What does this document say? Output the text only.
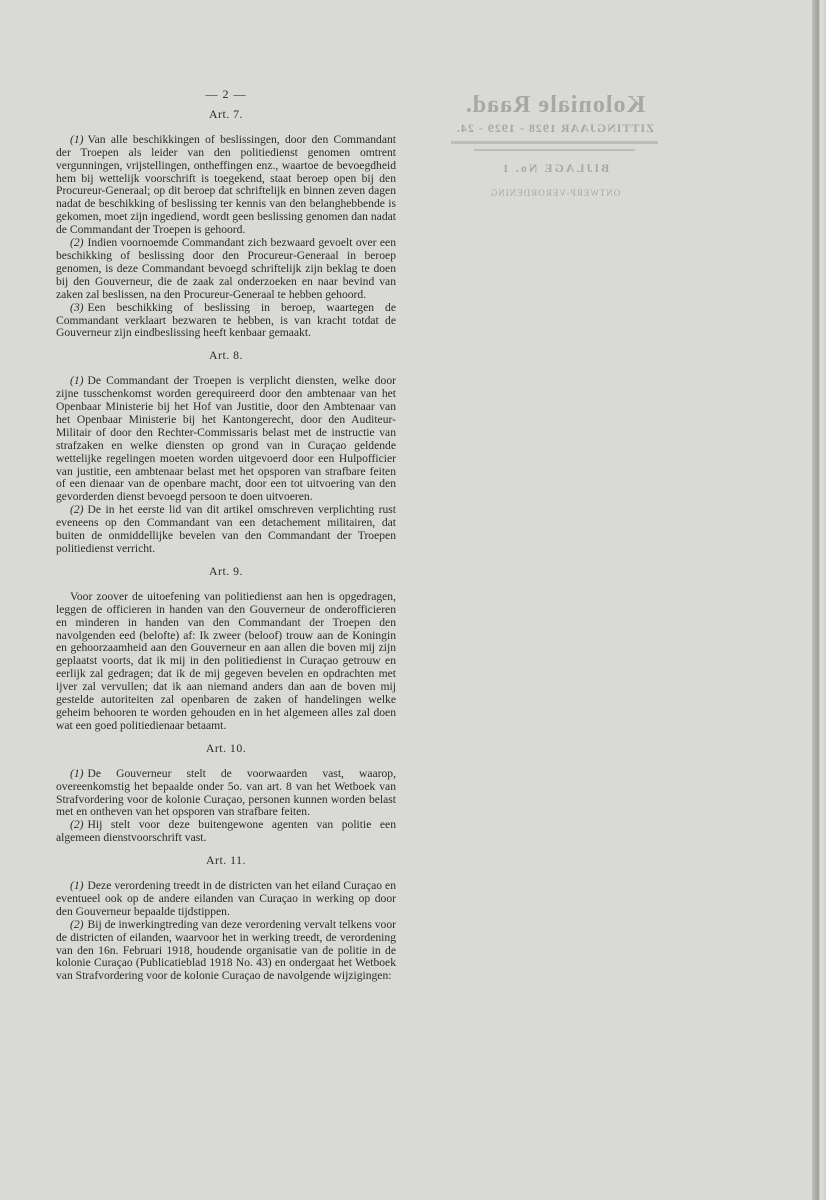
Koloniale Raad.
ZITTINGJAAR 1928 - 1929 - 24.
BIJLAGE No. 1
ONTWERP-VERORDENING
— 2 —
Art. 7.

(1) Van alle beschikkingen of beslissingen, door den Commandant der Troepen als leider van den politiedienst genomen omtrent vergunningen, vrijstellingen, ontheffingen enz., waartoe de bevoegdheid hem bij wettelijk voorschrift is toegekend, staat beroep open bij den Procureur-Generaal; op dit beroep dat schriftelijk en binnen zeven dagen nadat de beschikking of beslissing ter kennis van den belanghebbende is gekomen, moet zijn ingediend, wordt geen beslissing genomen dan nadat de Commandant der Troepen is gehoord.

(2) Indien voornoemde Commandant zich bezwaard gevoelt over een beschikking of beslissing door den Procureur-Generaal in beroep genomen, is deze Commandant bevoegd schriftelijk zijn beklag te doen bij den Gouverneur, die de zaak zal onderzoeken en naar bevind van zaken zal beslissen, na den Procureur-Generaal te hebben gehoord.

(3) Een beschikking of beslissing in beroep, waartegen de Commandant verklaart bezwaren te hebben, is van kracht totdat de Gouverneur zijn eindbeslissing heeft kenbaar gemaakt.

Art. 8.

(1) De Commandant der Troepen is verplicht diensten, welke door zijne tusschenkomst worden gerequireerd door den ambtenaar van het Openbaar Ministerie bij het Hof van Justitie, door den Ambtenaar van het Openbaar Ministerie bij het Kantongerecht, door den Auditeur-Militair of door den Rechter-Commissaris belast met de instructie van strafzaken en welke diensten op grond van in Curaçao geldende wettelijke regelingen moeten worden uitgevoerd door een Hulpofficier van justitie, een ambtenaar belast met het opsporen van strafbare feiten of een dienaar van de openbare macht, door een tot uitvoering van den gevorderden dienst bevoegd persoon te doen uitvoeren.

(2) De in het eerste lid van dit artikel omschreven verplichting rust eveneens op den Commandant van een detachement militairen, dat buiten de onmiddellijke bevelen van den Commandant der Troepen politiedienst verricht.

Art. 9.

Voor zoover de uitoefening van politiedienst aan hen is opgedragen, leggen de officieren in handen van den Gouverneur de onderofficieren en minderen in handen van den Commandant der Troepen den navolgenden eed (belofte) af: Ik zweer (beloof) trouw aan de Koningin en gehoorzaamheid aan den Gouverneur en aan allen die boven mij zijn geplaatst voorts, dat ik mij in den politiedienst in Curaçao getrouw en eerlijk zal gedragen; dat ik de mij gegeven bevelen en opdrachten met ijver zal vervullen; dat ik aan niemand anders dan aan de boven mij gestelde autoriteiten zal openbaren de zaken of handelingen welke geheim behooren te worden gehouden en in het algemeen alles zal doen wat een goed politiedienaar betaamt.

Art. 10.

(1) De Gouverneur stelt de voorwaarden vast, waarop, overeenkomstig het bepaalde onder 5o. van art. 8 van het Wetboek van Strafvordering voor de kolonie Curaçao, personen kunnen worden belast met en ontheven van het opsporen van strafbare feiten.

(2) Hij stelt voor deze buitengewone agenten van politie een algemeen dienstvoorschrift vast.

Art. 11.

(1) Deze verordening treedt in de districten van het eiland Curaçao en eventueel ook op de andere eilanden van Curaçao in werking op door den Gouverneur bepaalde tijdstippen.

(2) Bij de inwerkingtreding van deze verordening vervalt telkens voor de districten of eilanden, waarvoor het in werking treedt, de verordening van den 16n. Februari 1918, houdende organisatie van de politie in de kolonie Curaçao (Publicatieblad 1918 No. 43) en ondergaat het Wetboek van Strafvordering voor de kolonie Curaçao de navolgende wijzigingen:
